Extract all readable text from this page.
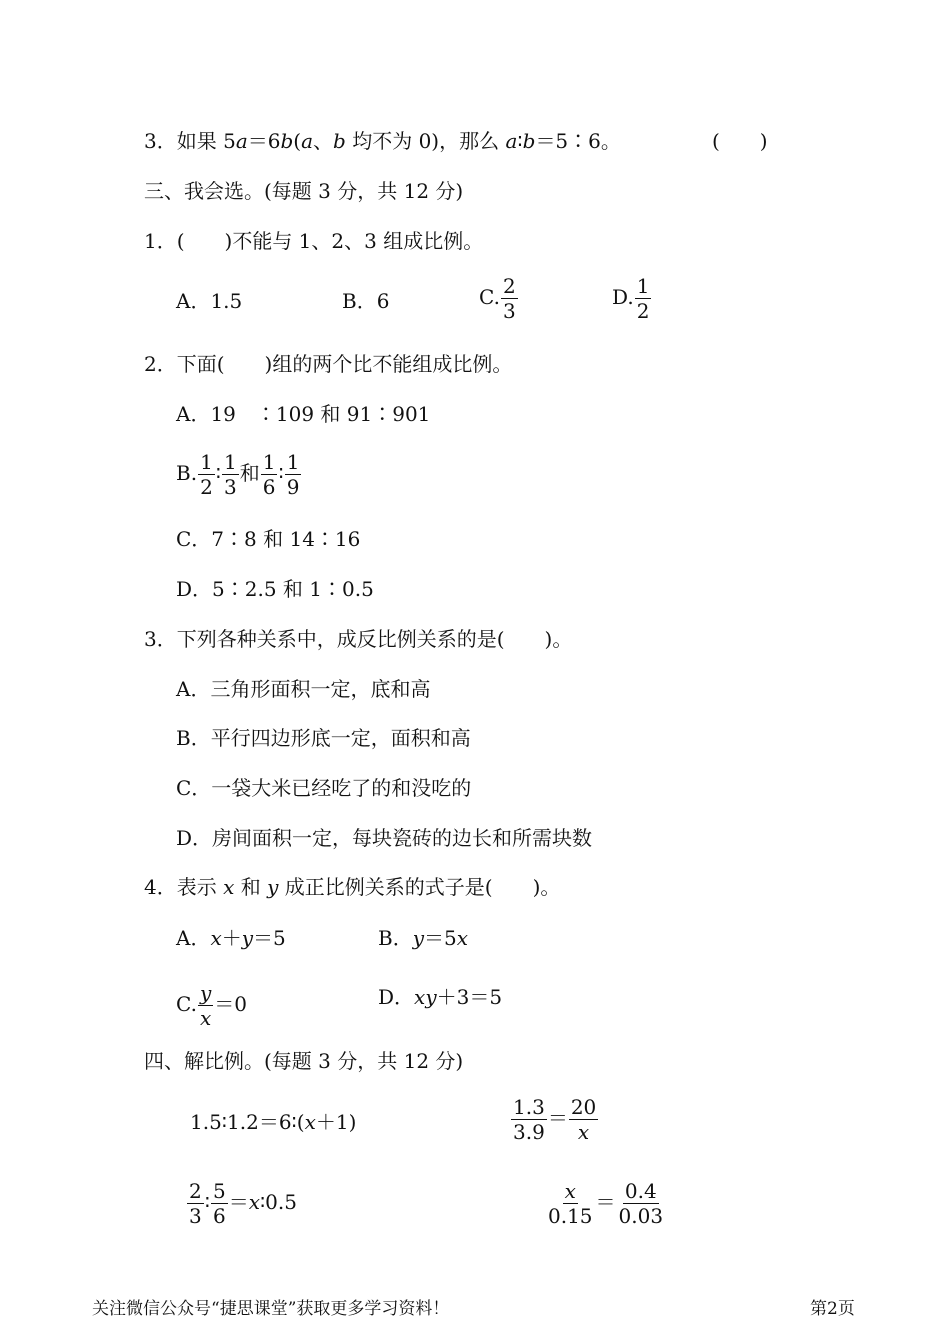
3．如果 5a＝6b(a、b 均不为 0)，那么 a∶b＝5∶6。	(　　)
三、我会选。(每题 3 分，共 12 分)
1．(　　)不能与 1、2、3 组成比例。
A．1.5	B．6	C. $\frac{2}{3}$	D. $\frac{1}{2}$
2．下面(　　)组的两个比不能组成比例。
A．19　∶109 和 91∶901
B. $\frac{1}{2}$ ∶ $\frac{1}{3}$ 和 $\frac{1}{6}$ ∶ $\frac{1}{9}$
C．7∶8 和 14∶16
D．5∶2.5 和 1∶0.5
3．下列各种关系中，成反比例关系的是(　　)。
A．三角形面积一定，底和高
B．平行四边形底一定，面积和高
C．一袋大米已经吃了的和没吃的
D．房间面积一定，每块瓷砖的边长和所需块数
4．表示 x 和 y 成正比例关系的式子是(　　)。
A．x＋y＝5	B．y＝5x
C. $\frac{y}{x} =0$	D．xy＋3＝5
四、解比例。(每题 3 分，共 12 分)
1.5∶1.2＝6∶(x＋1)	$\frac{1.3}{3.9} = \frac{20}{x}$
$\frac{2}{3}$ ∶ $\frac{5}{6}$ ＝x∶0.5	$\frac{x}{0.15} = \frac{0.4}{0.03}$
关注微信公众号“捷思课堂”获取更多学习资料！	第2页
